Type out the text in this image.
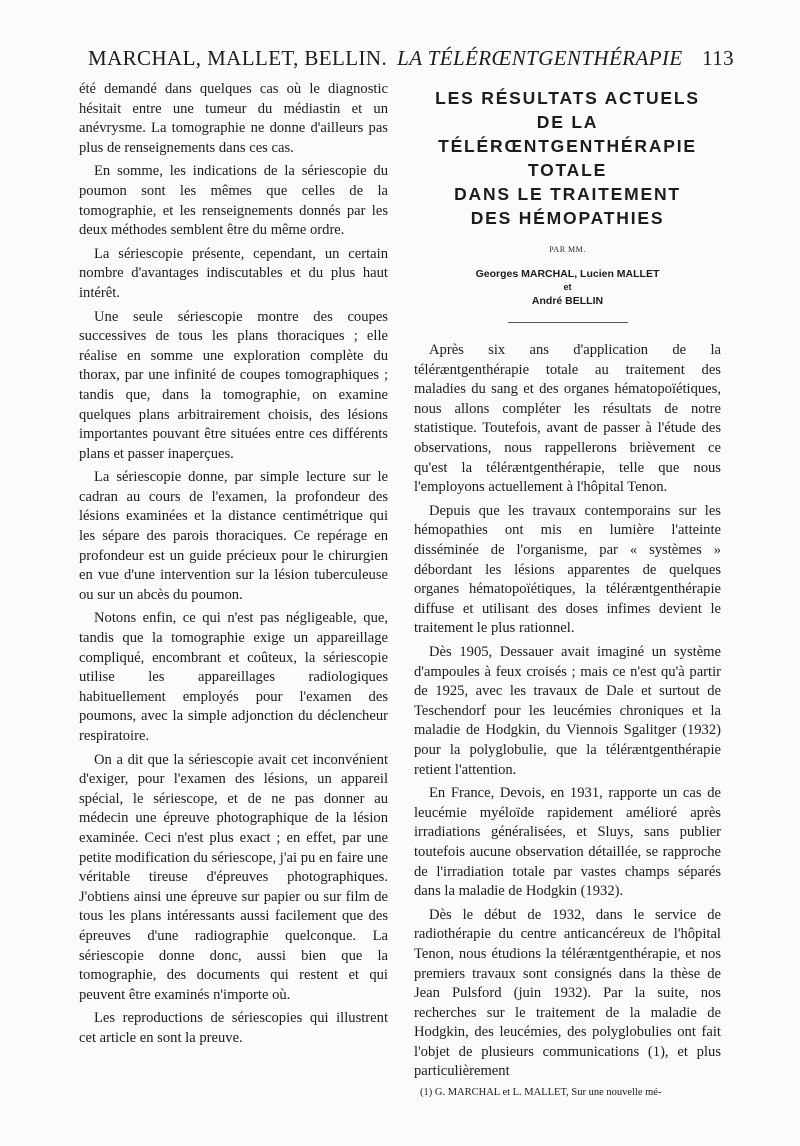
MARCHAL, MALLET, BELLIN. LA TÉLÉRŒNTGENTHÉRAPIE 113

été demandé dans quelques cas où le diagnostic hésitait entre une tumeur du médiastin et un anévrysme. La tomographie ne donne d'ailleurs pas plus de renseignements dans ces cas.

En somme, les indications de la sériescopie du poumon sont les mêmes que celles de la tomographie, et les renseignements donnés par les deux méthodes semblent être du même ordre.

La sériescopie présente, cependant, un certain nombre d'avantages indiscutables et du plus haut intérêt.

Une seule sériescopie montre des coupes successives de tous les plans thoraciques ; elle réalise en somme une exploration complète du thorax, par une infinité de coupes tomographiques ; tandis que, dans la tomographie, on examine quelques plans arbitrairement choisis, des lésions importantes pouvant être situées entre ces différents plans et passer inaperçues.

La sériescopie donne, par simple lecture sur le cadran au cours de l'examen, la profondeur des lésions examinées et la distance centimétrique qui les sépare des parois thoraciques. Ce repérage en profondeur est un guide précieux pour le chirurgien en vue d'une intervention sur la lésion tuberculeuse ou sur un abcès du poumon.

Notons enfin, ce qui n'est pas négligeable, que, tandis que la tomographie exige un appareillage compliqué, encombrant et coûteux, la sériescopie utilise les appareillages radiologiques habituellement employés pour l'examen des poumons, avec la simple adjonction du déclencheur respiratoire.

On a dit que la sériescopie avait cet inconvénient d'exiger, pour l'examen des lésions, un appareil spécial, le sériescope, et de ne pas donner au médecin une épreuve photographique de la lésion examinée. Ceci n'est plus exact ; en effet, par une petite modification du sériescope, j'ai pu en faire une véritable tireuse d'épreuves photographiques. J'obtiens ainsi une épreuve sur papier ou sur film de tous les plans intéressants aussi facilement que des épreuves d'une radiographie quelconque. La sériescopie donne donc, aussi bien que la tomographie, des documents qui restent et qui peuvent être examinés n'importe où.

Les reproductions de sériescopies qui illustrent cet article en sont la preuve.

LES RÉSULTATS ACTUELS
DE LA
TÉLÉRŒNTGENTHÉRAPIE
TOTALE
DANS LE TRAITEMENT
DES HÉMOPATHIES
PAR MM.
Georges MARCHAL, Lucien MALLET
et
André BELLIN

Après six ans d'application de la téléræntgenthérapie totale au traitement des maladies du sang et des organes hématopoïétiques, nous allons compléter les résultats de notre statistique. Toutefois, avant de passer à l'étude des observations, nous rappellerons brièvement ce qu'est la téléræntgenthérapie, telle que nous l'employons actuellement à l'hôpital Tenon.

Depuis que les travaux contemporains sur les hémopathies ont mis en lumière l'atteinte disséminée de l'organisme, par « systèmes » débordant les lésions apparentes de quelques organes hématopoïétiques, la téléræntgenthérapie diffuse et utilisant des doses infimes devient le traitement le plus rationnel.

Dès 1905, Dessauer avait imaginé un système d'ampoules à feux croisés ; mais ce n'est qu'à partir de 1925, avec les travaux de Dale et surtout de Teschendorf pour les leucémies chroniques et la maladie de Hodgkin, du Viennois Sgalitger (1932) pour la polyglobulie, que la téléræntgenthérapie retient l'attention.

En France, Devois, en 1931, rapporte un cas de leucémie myéloïde rapidement amélioré après irradiations généralisées, et Sluys, sans publier toutefois aucune observation détaillée, se rapproche de l'irradiation totale par vastes champs séparés dans la maladie de Hodgkin (1932).

Dès le début de 1932, dans le service de radiothérapie du centre anticancéreux de l'hôpital Tenon, nous étudions la téléræntgenthérapie, et nos premiers travaux sont consignés dans la thèse de Jean Pulsford (juin 1932). Par la suite, nos recherches sur le traitement de la maladie de Hodgkin, des leucémies, des polyglobulies ont fait l'objet de plusieurs communications (1), et plus particulièrement

(1) G. MARCHAL et L. MALLET, Sur une nouvelle mé-
